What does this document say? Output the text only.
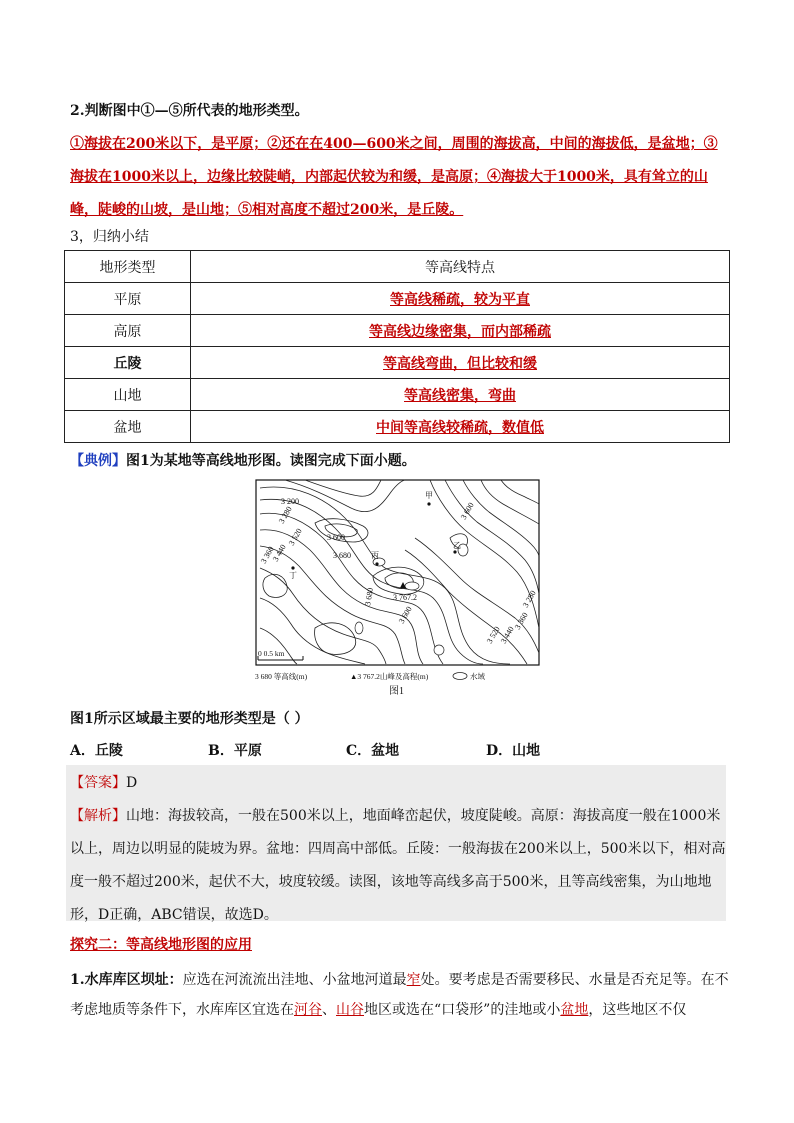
2.判断图中①—⑤所代表的地形类型。
①海拔在200米以下，是平原；②还在在400—600米之间，周围的海拔高，中间的海拔低，是盆地；③海拔在1000米以上，边缘比较陡峭，内部起伏较为和缓，是高原；④海拔大于1000米，具有耸立的山峰，陡峻的山坡，是山地；⑤相对高度不超过200米，是丘陵。
3，归纳小结
地形类型	等高线特点
平原	等高线稀疏，较为平直
高原	等高线边缘密集，而内部稀疏
丘陵	等高线弯曲，但比较和缓
山地	等高线密集，弯曲
盆地	中间等高线较稀疏，数值低
【典例】图1为某地等高线地形图。读图完成下面小题。
3 200
3 280
3 360
3 440
3 520	3 600
3 680
3 680
3 600
3 520
3 440
3 360
3 280
3 600
甲
乙
丙
丁
3 767.2
0 0.5 km
3 680 等高线(m)	▲3 767.2山峰及高程(m)	水域
图1
图1所示区域最主要的地形类型是（ ）
A．丘陵	B．平原	C．盆地	D．山地
【答案】D
【解析】山地：海拔较高，一般在500米以上，地面峰峦起伏，坡度陡峻。高原：海拔高度一般在1000米以上，周边以明显的陡坡为界。盆地：四周高中部低。丘陵：一般海拔在200米以上，500米以下，相对高度一般不超过200米，起伏不大，坡度较缓。读图，该地等高线多高于500米，且等高线密集，为山地地形，D正确，ABC错误，故选D。
探究二：等高线地形图的应用
1.水库库区坝址：应选在河流流出洼地、小盆地河道最窄处。要考虑是否需要移民、水量是否充足等。在不考虑地质等条件下，水库库区宜选在河谷、山谷地区或选在“口袋形”的洼地或小盆地，这些地区不仅
